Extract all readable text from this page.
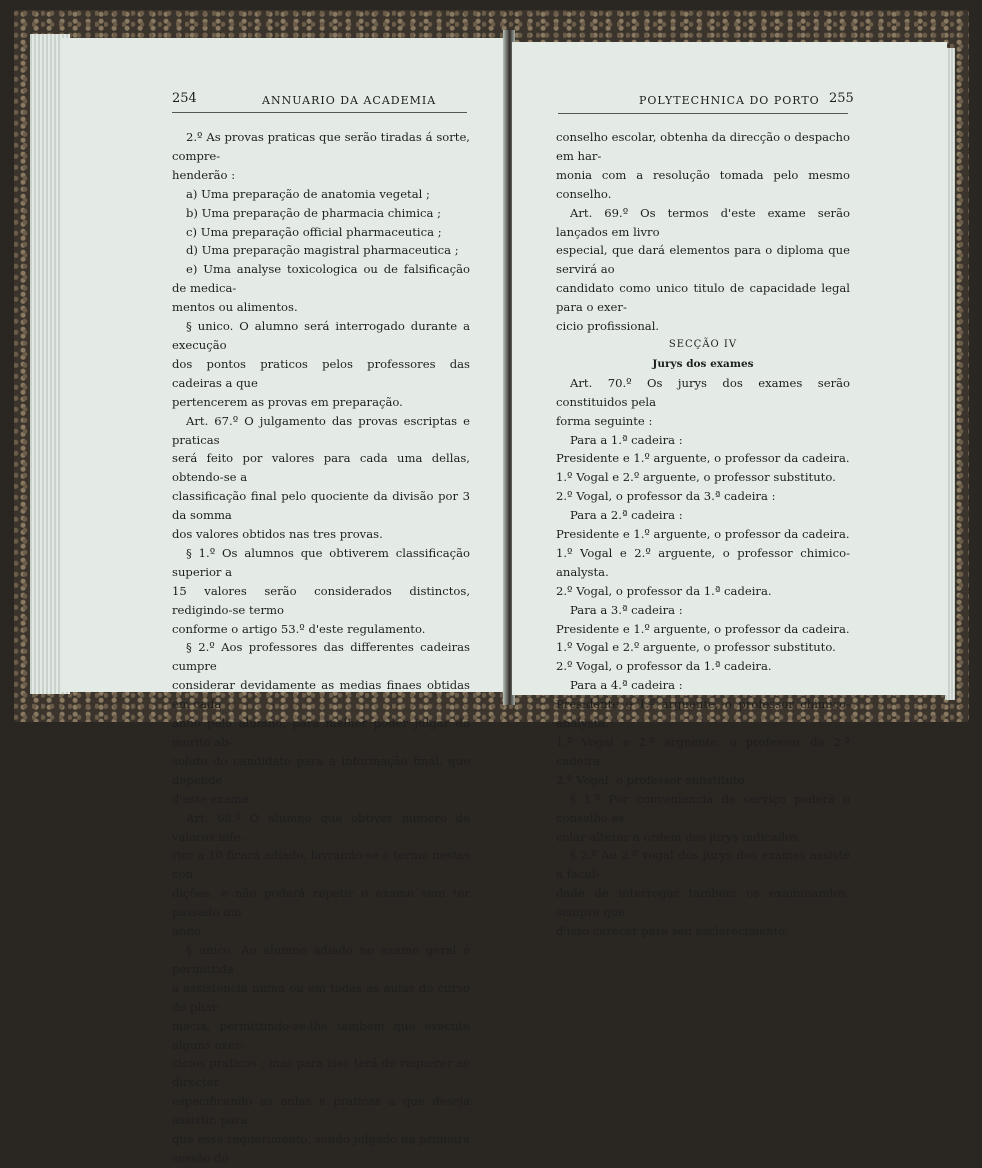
254	ANNUARIO DA ACADEMIA

2.º As provas praticas que serão tiradas á sorte, compre-

henderão :

a) Uma preparação de anatomia vegetal ;

b) Uma preparação de pharmacia chimica ;

c) Uma preparação official pharmaceutica ;

d) Uma preparação magistral pharmaceutica ;

e) Uma analyse toxicologica ou de falsificação de medica-

mentos ou alimentos.

§ unico. O alumno será interrogado durante a execução

dos pontos praticos pelos professores das cadeiras a que

pertencerem as provas em preparação.

Art. 67.º O julgamento das provas escriptas e praticas

será feito por valores para cada uma dellas, obtendo-se a

classificação final pelo quociente da divisão por 3 da somma

dos valores obtidos nas tres provas.

§ 1.º Os alumnos que obtiverem classificação superior a

15 valores serão considerados distinctos, redigindo-se termo

conforme o artigo 53.º d'este regulamento.

§ 2.º Aos professores das differentes cadeiras cumpre

considerar devidamente as medias finaes obtidas em cada

anno pelo alumno, para melhor poder julgar do merito ab-

soluto do candidato para a informação final, que depende

d'este exame.

Art. 68.º O alumno que obtiver numero de valores infe-

rior a 10 ficará adiado, lavrando-se o termo nestas con-

dições, e não poderá repetir o exame sem ter passado um

anno.

§ unico. Ao alumno adiado no exame geral é permittida

a assistencia numa ou em todas as aulas do curso de phar-

macia, permittindo-se-lhe tambem que execute alguns exer-

cicios praticos ; mas para isso terá de requerer ao director

especificando as aulas e praticas a que deseja assistir, para

que esse requerimento, sendo julgado na primeira sessão do

POLYTECHNICA DO PORTO 255

conselho escolar, obtenha da direcção o despacho em har-

monia com a resolução tomada pelo mesmo conselho.

Art. 69.º Os termos d'este exame serão lançados em livro

especial, que dará elementos para o diploma que servirá ao

candidato como unico titulo de capacidade legal para o exer-

cicio profissional.

SECÇÃO IV

Jurys dos exames

Art. 70.º Os jurys dos exames serão constituidos pela

forma seguinte :

Para a 1.ª cadeira :

Presidente e 1.º arguente, o professor da cadeira.

1.º Vogal e 2.º arguente, o professor substituto.

2.º Vogal, o professor da 3.ª cadeira :

Para a 2.ª cadeira :

Presidente e 1.º arguente, o professor da cadeira.

1.º Vogal e 2.º arguente, o professor chimico-analysta.

2.º Vogal, o professor da 1.ª cadeira.

Para a 3.ª cadeira :

Presidente e 1.º arguente, o professor da cadeira.

1.º Vogal e 2.º arguente, o professor substituto.

2.º Vogal, o professor da 1.ª cadeira.

Para a 4.ª cadeira :

Presidente e 1.º arguente, o professor chimico-analysta.

1.º Vogal e 2.º arguente, o professor da 2.ª cadeira.

2.º Vogal, o professor substituto.

§ 1.º Por conveniencia de serviço poderá o conselho es-

colar alterar a ordem dos jurys indicados.

§ 2.º Ao 2.º vogal dos jurys dos exames assiste a facul-

dade de interrogar tambem os examinandos, sempre que

d'isso carecer para seu esclarecimento.
